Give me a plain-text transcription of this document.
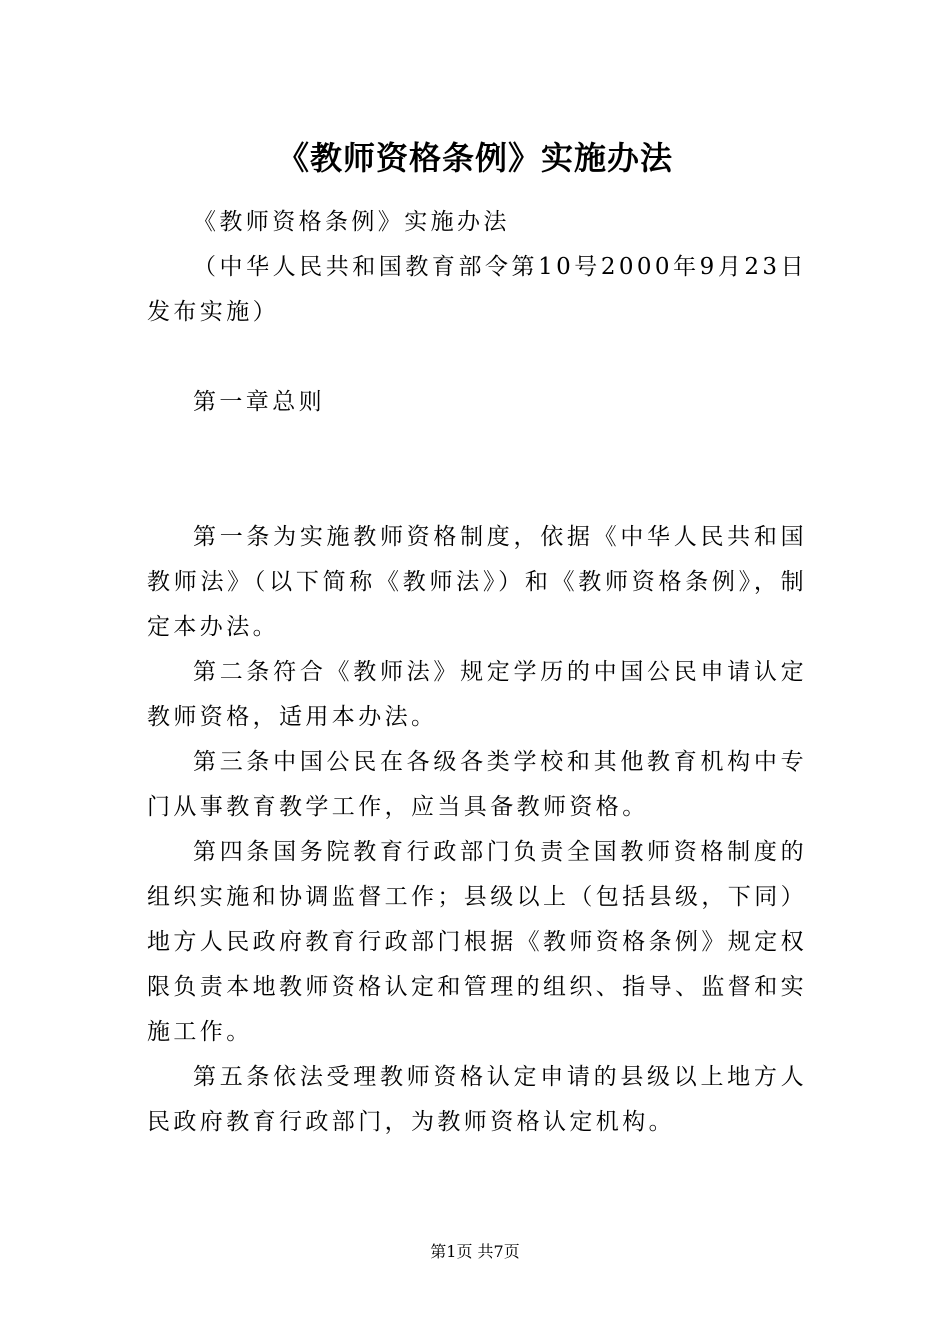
《教师资格条例》实施办法

《教师资格条例》实施办法

（中华人民共和国教育部令第10号2000年9月23日发布实施）

第一章总则

第一条为实施教师资格制度，依据《中华人民共和国教师法》（以下简称《教师法》）和《教师资格条例》，制定本办法。

第二条符合《教师法》规定学历的中国公民申请认定教师资格，适用本办法。

第三条中国公民在各级各类学校和其他教育机构中专门从事教育教学工作，应当具备教师资格。

第四条国务院教育行政部门负责全国教师资格制度的组织实施和协调监督工作；县级以上（包括县级，下同）地方人民政府教育行政部门根据《教师资格条例》规定权限负责本地教师资格认定和管理的组织、指导、监督和实施工作。

第五条依法受理教师资格认定申请的县级以上地方人民政府教育行政部门，为教师资格认定机构。

第1页 共7页
